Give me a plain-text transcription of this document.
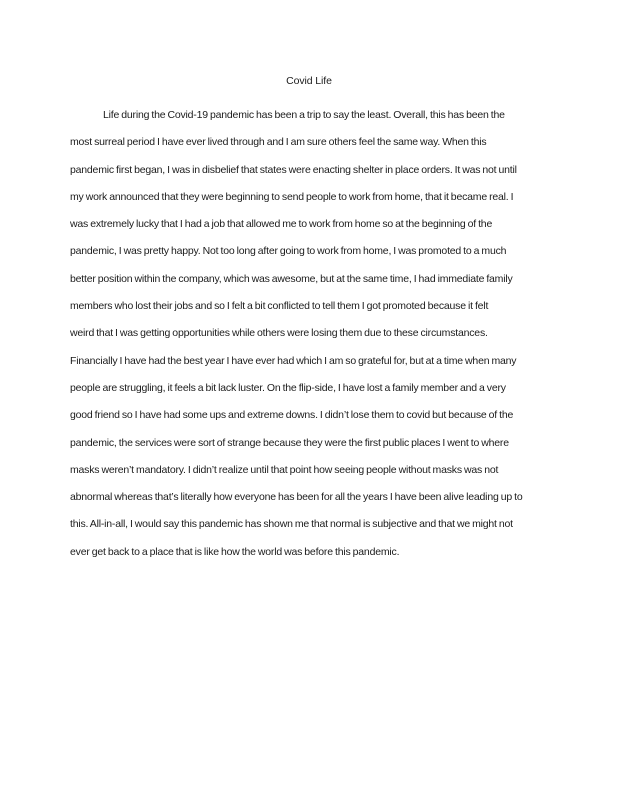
Covid Life
Life during the Covid-19 pandemic has been a trip to say the least. Overall, this has been the
most surreal period I have ever lived through and I am sure others feel the same way. When this
pandemic first began, I was in disbelief that states were enacting shelter in place orders. It was not until
my work announced that they were beginning to send people to work from home, that it became real. I
was extremely lucky that I had a job that allowed me to work from home so at the beginning of the
pandemic, I was pretty happy. Not too long after going to work from home, I was promoted to a much
better position within the company, which was awesome, but at the same time, I had immediate family
members who lost their jobs and so I felt a bit conflicted to tell them I got promoted because it felt
weird that I was getting opportunities while others were losing them due to these circumstances.
Financially I have had the best year I have ever had which I am so grateful for, but at a time when many
people are struggling, it feels a bit lack luster. On the flip-side, I have lost a family member and a very
good friend so I have had some ups and extreme downs. I didn’t lose them to covid but because of the
pandemic, the services were sort of strange because they were the first public places I went to where
masks weren’t mandatory. I didn’t realize until that point how seeing people without masks was not
abnormal whereas that’s literally how everyone has been for all the years I have been alive leading up to
this. All-in-all, I would say this pandemic has shown me that normal is subjective and that we might not
ever get back to a place that is like how the world was before this pandemic.
